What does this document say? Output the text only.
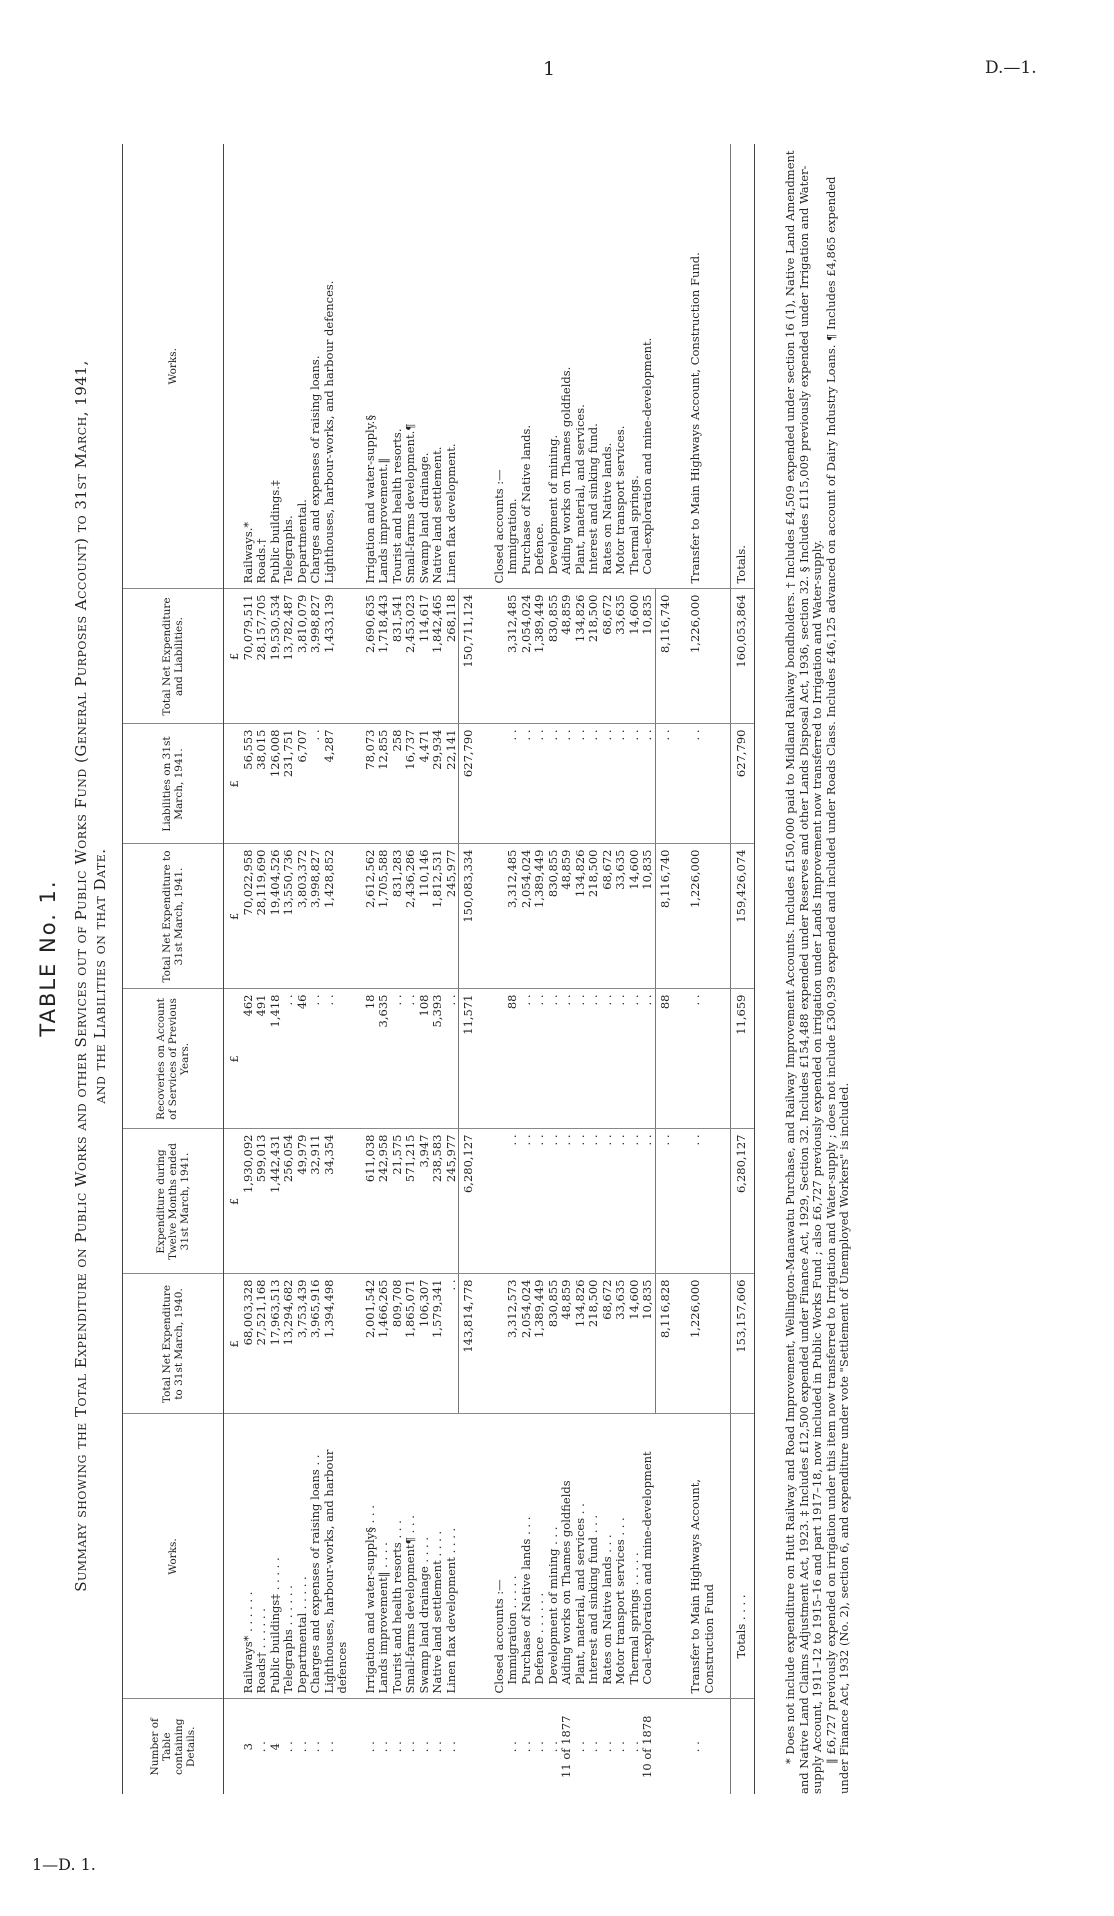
1	D.—1.
1—D. 1.
TABLE No. 1. Summary showing the Total Expenditure on Public Works and other Services out of Public Works Fund (General Purposes Account) to 31st March, 1941, and the Liabilities on that Date.
Number of Table containing Details.	Works.	Total Net Expenditure to 31st March, 1940.	Expenditure during Twelve Months ended 31st March, 1941.	Recoveries on Account of Services of Previous Years.	Total Net Expenditure to 31st March, 1941.	Liabilities on 31st March, 1941.	Total Net Expenditure and Liabilities.	Works.
		£	£	£	£	£	£	
3	Railways* . . . . . .	68,003,328	1,930,092	462	70,022,958	56,553	70,079,511	Railways.*
. .	Roads† . . . . . .	27,521,168	599,013	491	28,119,690	38,015	28,157,705	Roads.†
4	Public buildings‡ . . . . .	17,963,513	1,442,431	1,418	19,404,526	126,008	19,530,534	Public buildings.‡
. .	Telegraphs . . . . . .	13,294,682	256,054	. .	13,550,736	231,751	13,782,487	Telegraphs.
. .	Departmental . . . . .	3,753,439	49,979	46	3,803,372	6,707	3,810,079	Departmental.
. .	Charges and expenses of raising loans . .	3,965,916	32,911	. .	3,998,827	. .	3,998,827	Charges and expenses of raising loans.
. .	Lighthouses, harbour-works, and harbour defences	1,394,498	34,354	. .	1,428,852	4,287	1,433,139	Lighthouses, harbour-works, and harbour defences.

. .	Irrigation and water-supply§ . . .	2,001,542	611,038	18	2,612,562	78,073	2,690,635	Irrigation and water-supply.§
. .	Lands improvement‖ . . . .	1,466,265	242,958	3,635	1,705,588	12,855	1,718,443	Lands improvement.‖
. .	Tourist and health resorts . . .	809,708	21,575	. .	831,283	258	831,541	Tourist and health resorts.
. .	Small-farms development¶ . . .	1,865,071	571,215	. .	2,436,286	16,737	2,453,023	Small-farms development.¶
. .	Swamp land drainage . . . .	106,307	3,947	108	110,146	4,471	114,617	Swamp land drainage.
. .	Native land settlement . . . .	1,579,341	238,583	5,393	1,812,531	29,934	1,842,465	Native land settlement.
. .	Linen flax development . . . .	. .	245,977	. .	245,977	22,141	268,118	Linen flax development.
		143,814,778	6,280,127	11,571	150,083,334	627,790	150,711,124	

	Closed accounts :—							Closed accounts :—
. .	Immigration . . . . .	3,312,573	. .	88	3,312,485	. .	3,312,485	Immigration.
. .	Purchase of Native lands . . .	2,054,024	. .	. .	2,054,024	. .	2,054,024	Purchase of Native lands.
. .	Defence . . . . . .	1,389,449	. .	. .	1,389,449	. .	1,389,449	Defence.
. .	Development of mining . . .	830,855	. .	. .	830,855	. .	830,855	Development of mining.
11 of 1877	Aiding works on Thames goldfields	48,859	. .	. .	48,859	. .	48,859	Aiding works on Thames goldfields.
. .	Plant, material, and services . .	134,826	. .	. .	134,826	. .	134,826	Plant, material, and services.
. .	Interest and sinking fund . . .	218,500	. .	. .	218,500	. .	218,500	Interest and sinking fund.
. .	Rates on Native lands . . .	68,672	. .	. .	68,672	. .	68,672	Rates on Native lands.
. .	Motor transport services . . .	33,635	. .	. .	33,635	. .	33,635	Motor transport services.
. .	Thermal springs . . . . .	14,600	. .	. .	14,600	. .	14,600	Thermal springs.
10 of 1878	Coal-exploration and mine-development	10,835	. .	. .	10,835	. .	10,835	Coal-exploration and mine-development.
		8,116,828	. .	88	8,116,740	. .	8,116,740	

. .	Transfer to Main Highways Account, Construction Fund	1,226,000	. .	. .	1,226,000	. .	1,226,000	Transfer to Main Highways Account, Construction Fund.

	Totals . . . .	153,157,606	6,280,127	11,659	159,426,074	627,790	160,053,864	Totals.	* Does not include expenditure on Hutt Railway and Road Improvement, Wellington-Manawatu Purchase, and Railway Improvement Accounts. Includes £150,000 paid to Midland Railway bondholders. † Includes £4,509 expended under section 16 (1), Native Land Amendment and Native Land Claims Adjustment Act, 1923. ‡ Includes £12,500 expended under Finance Act, 1929, Section 32. Includes £154,488 expended under Reserves and other Lands Disposal Act, 1936, section 32. § Includes £115,009 previously expended under Irrigation and Water-supply Account, 1911–12 to 1915–16 and part 1917–18, now included in Public Works Fund ; also £6,727 previously expended on irrigation under Lands Improvement now transferred to Irrigation and Water-supply. ‖ £6,727 previously expended on irrigation under this item now transferred to Irrigation and Water-supply ; does not include £300,939 expended and included under Roads Class. Includes £46,125 advanced on account of Dairy Industry Loans. ¶ Includes £4,865 expended under Finance Act, 1932 (No. 2), section 6, and expenditure under vote "Settlement of Unemployed Workers" is included.
